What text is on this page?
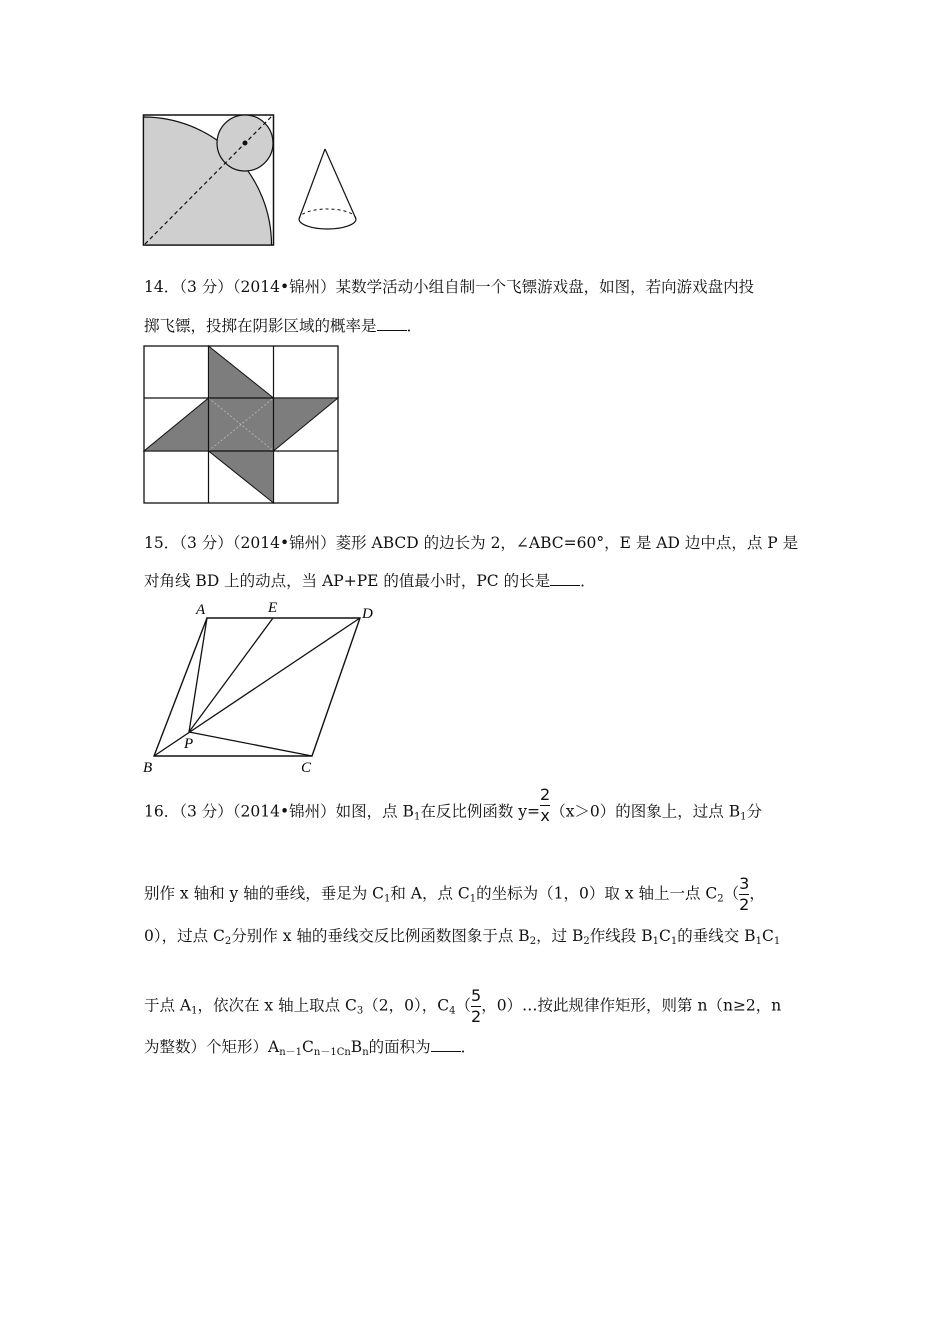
14．（3 分）（2014•锦州）某数学活动小组自制一个飞镖游戏盘，如图，若向游戏盘内投
掷飞镖，投掷在阴影区域的概率是 ．
15．（3 分）（2014•锦州）菱形 ABCD 的边长为 2，∠ABC=60°，E 是 AD 边中点，点 P 是
对角线 BD 上的动点，当 AP+PE 的值最小时，PC 的长是 ．
A	E	D
P
B	C
16．（3 分）（2014•锦州）如图，点 $B_1$在反比例函数 $y= \frac{2}{x} (x>0)$的图象上，过点 $B_1$分
别作 x 轴和 y 轴的垂线，垂足为 $C_1$和 A，点 $C_1$的坐标为（1，0）取 x 轴上一点 $C_2( \frac{3}{2}$ ，
0），过点 $C_2$分别作 x 轴的垂线交反比例函数图象于点 $B_2$，过 $B_2$作线段 $B_1C_1$的垂线交 $B_1C_1$
于点 $A_1$，依次在 x 轴上取点 $C_3(2$，0），$C_4( \frac{5}{2}$ ，0）…按此规律作矩形，则第 n（n≥2，n
为整数）个矩形）$A_{n-1}C_{n-1Cn}B_n$的面积为 ．
